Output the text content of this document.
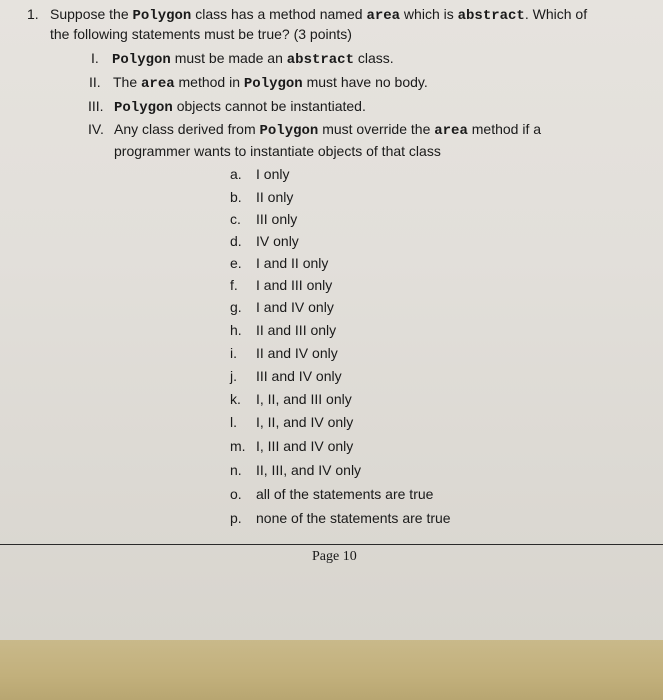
1. Suppose the Polygon class has a method named area which is abstract. Which of
the following statements must be true? (3 points)
I. Polygon must be made an abstract class.
II. The area method in Polygon must have no body.
III. Polygon objects cannot be instantiated.
IV. Any class derived from Polygon must override the area method if a
programmer wants to instantiate objects of that class
a. I only
b. II only
c. III only
d. IV only
e. I and II only
f. I and III only
g. I and IV only
h. II and III only
i. II and IV only
j. III and IV only
k. I, II, and III only
l. I, II, and IV only
m. I, III and IV only
n. II, III, and IV only
o. all of the statements are true
p. none of the statements are true
Page 10
